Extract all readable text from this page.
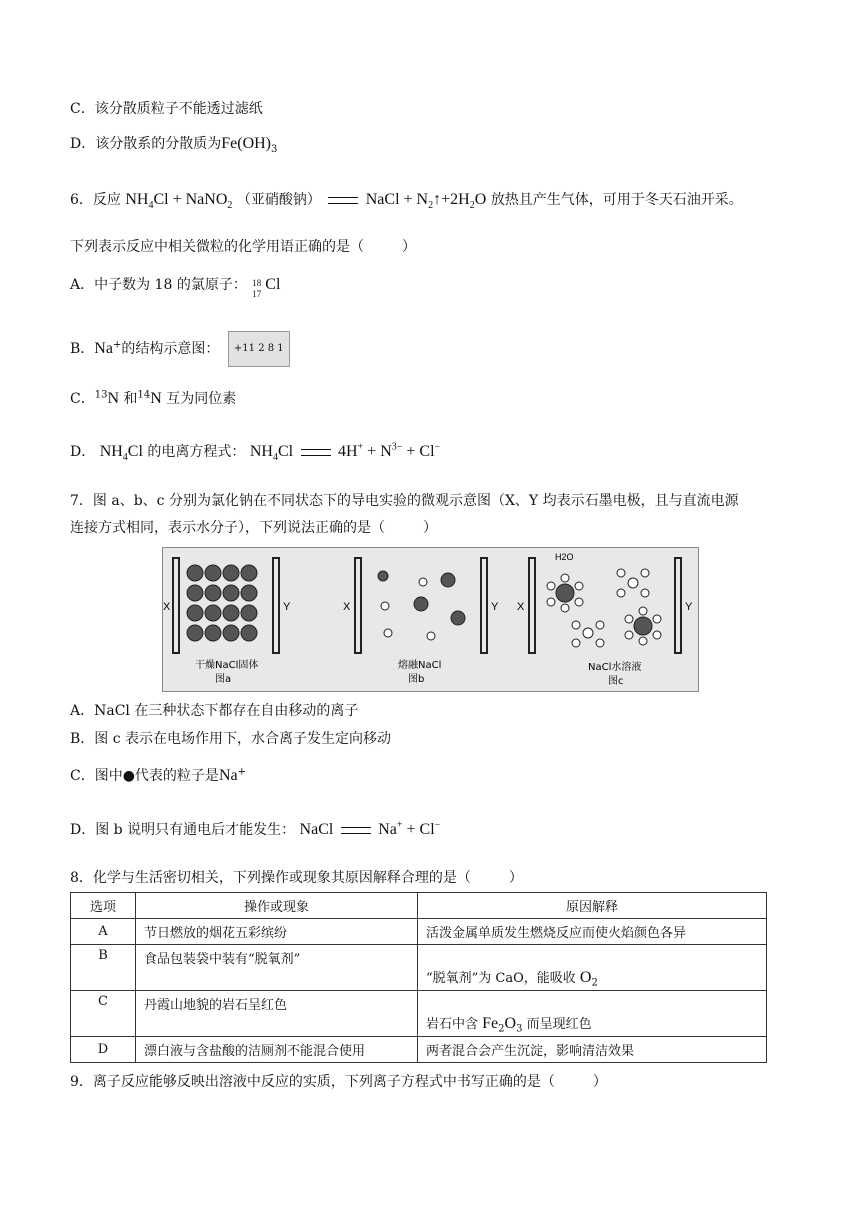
C．该分散质粒子不能透过滤纸
D．该分散系的分散质为$Fe(OH)_3$
6．反应 $NH_4Cl$ + NaNO$_2$ （亚硝酸钠）	NaCl + $N_2↑+2H_2O$ 放热且产生气体，可用于冬天石油开采。
下列表示反应中相关微粒的化学用语正确的是（	）
A．中子数为 18 的氯原子： 18
17
Cl
B．Na+的结构示意图： +11 2 8 1
C．$^{13}$N 和$^{14}$N 互为同位素
D． $NH_4Cl$ 的电离方程式： $NH_4Cl$	$4H^+ + N^{3-} + Cl^-$
7．图 a、b、c 分别为氯化钠在不同状态下的导电实验的微观示意图（X、Y 均表示石墨电极，且与直流电源
连接方式相同，表示水分子），下列说法正确的是（	）
X	Y
干燥NaCl固体
图a
X	Y
熔融NaCl
图b
H2O
X	Y
NaCl水溶液
图c
A．NaCl 在三种状态下都存在自由移动的离子
B．图 c 表示在电场作用下，水合离子发生定向移动
C．图中●代表的粒子是Na+
D．图 b 说明只有通电后才能发生： NaCl	Na+ + Cl−
8．化学与生活密切相关，下列操作或现象其原因解释合理的是（	）
选项	操作或现象	原因解释
A	节日燃放的烟花五彩缤纷	活泼金属单质发生燃烧反应而使火焰颜色各异
B	食品包装袋中装有“脱氧剂”	“脱氧剂”为 CaO，能吸收 $O_2$
C	丹霞山地貌的岩石呈红色	岩石中含 $Fe_2O_3$ 而呈现红色
D	漂白液与含盐酸的洁厕剂不能混合使用	两者混合会产生沉淀，影响清洁效果
9．离子反应能够反映出溶液中反应的实质，下列离子方程式中书写正确的是（	）
